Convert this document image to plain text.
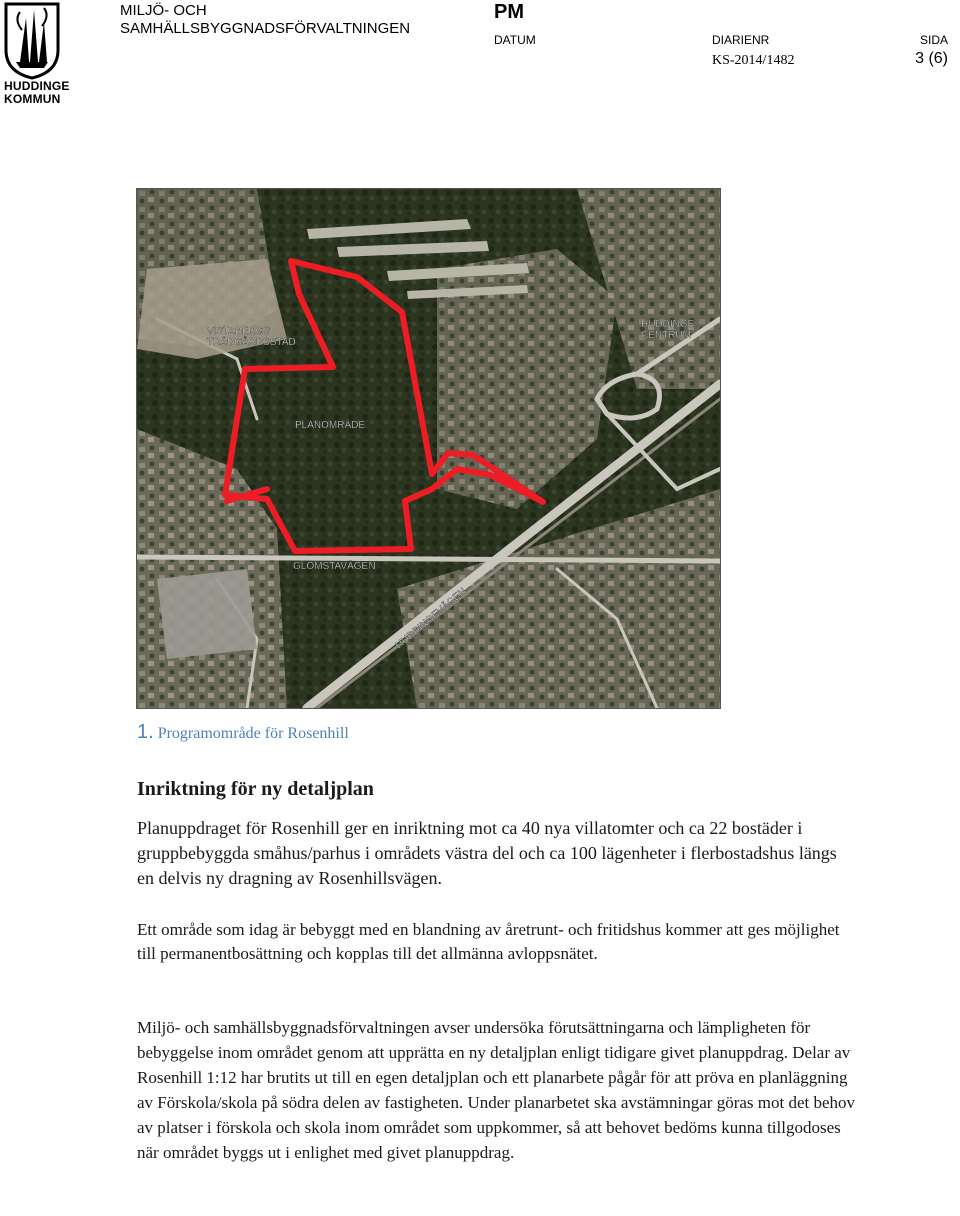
HUDDINGE
KOMMUN
MILJÖ- OCH
SAMHÄLLSBYGGNADSFÖRVALTNINGEN
PM
DATUM	DIARIENR	SIDA
KS-2014/1482	3 (6)
VISTABERGS
TRÄDGÅRDSSTAD
HUDDINGE
CENTRUM
PLANOMRÅDE
GLÖMSTAVÄGEN
HUDDINGEVÄGEN
1. Programområde för Rosenhill
Inriktning för ny detaljplan

Planuppdraget för Rosenhill ger en inriktning mot ca 40 nya villatomter och ca 22 bostäder i gruppbebyggda småhus/parhus i områdets västra del och ca 100 lägenheter i flerbostadshus längs en delvis ny dragning av Rosenhillsvägen.

Ett område som idag är bebyggt med en blandning av åretrunt- och fritidshus kommer att ges möjlighet till permanentbosättning och kopplas till det allmänna avloppsnätet.

Miljö- och samhällsbyggnadsförvaltningen avser undersöka förutsättningarna och lämpligheten för bebyggelse inom området genom att upprätta en ny detaljplan enligt tidigare givet planuppdrag. Delar av Rosenhill 1:12 har brutits ut till en egen detaljplan och ett planarbete pågår för att pröva en planläggning av Förskola/skola på södra delen av fastigheten. Under planarbetet ska avstämningar göras mot det behov av platser i förskola och skola inom området som uppkommer, så att behovet bedöms kunna tillgodoses när området byggs ut i enlighet med givet planuppdrag.
